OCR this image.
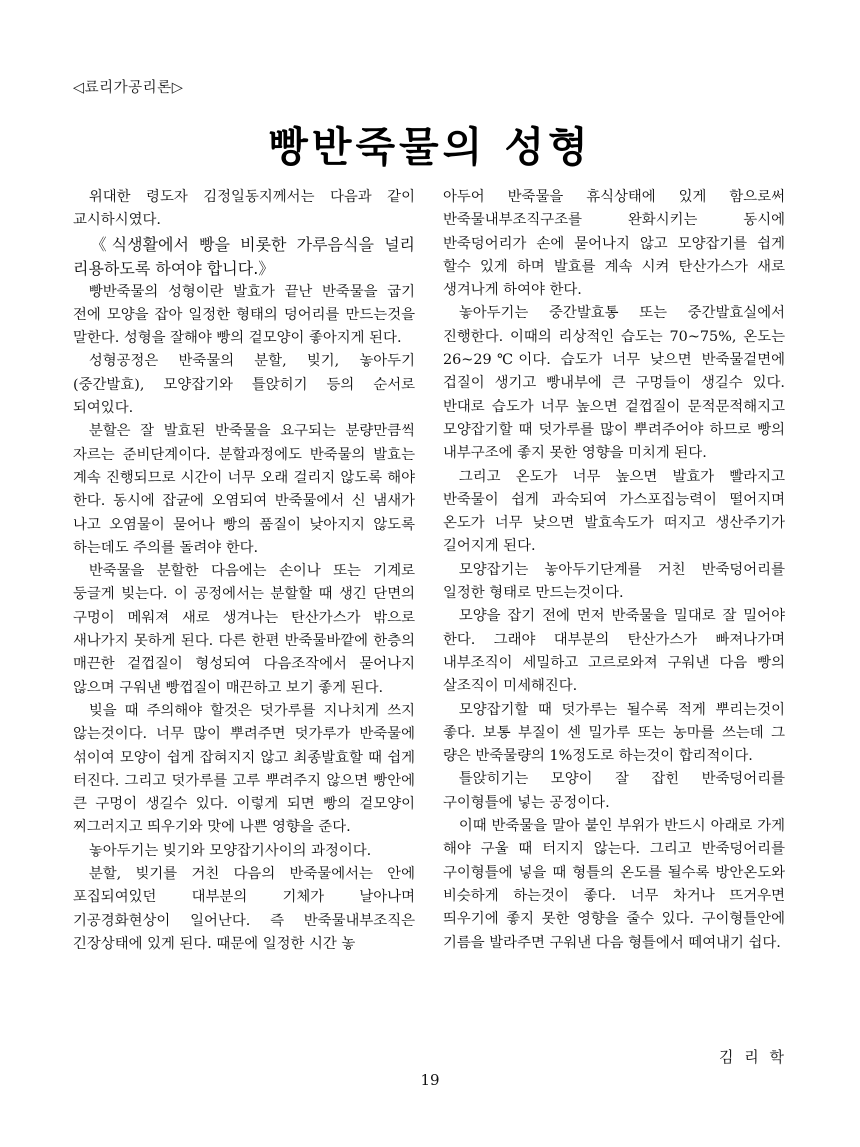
◁료리가공리론▷
빵반죽물의 성형

위대한 령도자 김정일동지께서는 다음과 같이 교시하시였다.

《식생활에서 빵을 비롯한 가루음식을 널리 리용하도록 하여야 합니다.》

빵반죽물의 성형이란 발효가 끝난 반죽물을 굽기 전에 모양을 잡아 일정한 형태의 덩어리를 만드는것을 말한다. 성형을 잘해야 빵의 겉모양이 좋아지게 된다.

성형공정은 반죽물의 분할, 빚기, 놓아두기(중간발효), 모양잡기와 틀앉히기 등의 순서로 되여있다.

분할은 잘 발효된 반죽물을 요구되는 분량만큼씩 자르는 준비단계이다. 분할과정에도 반죽물의 발효는 계속 진행되므로 시간이 너무 오래 걸리지 않도록 해야 한다. 동시에 잡균에 오염되여 반죽물에서 신 냄새가 나고 오염물이 묻어나 빵의 품질이 낮아지지 않도록 하는데도 주의를 돌려야 한다.

반죽물을 분할한 다음에는 손이나 또는 기계로 둥글게 빚는다. 이 공정에서는 분할할 때 생긴 단면의 구멍이 메워져 새로 생겨나는 탄산가스가 밖으로 새나가지 못하게 된다. 다른 한편 반죽물바깥에 한층의 매끈한 겉껍질이 형성되여 다음조작에서 묻어나지 않으며 구워낸 빵껍질이 매끈하고 보기 좋게 된다.

빚을 때 주의해야 할것은 덧가루를 지나치게 쓰지 않는것이다. 너무 많이 뿌려주면 덧가루가 반죽물에 섞이여 모양이 쉽게 잡혀지지 않고 최종발효할 때 쉽게 터진다. 그리고 덧가루를 고루 뿌려주지 않으면 빵안에 큰 구멍이 생길수 있다. 이렇게 되면 빵의 겉모양이 찌그러지고 띄우기와 맛에 나쁜 영향을 준다.

놓아두기는 빚기와 모양잡기사이의 과정이다.

분할, 빚기를 거친 다음의 반죽물에서는 안에 포집되여있던 대부분의 기체가 날아나며 기공경화현상이 일어난다. 즉 반죽물내부조직은 긴장상태에 있게 된다. 때문에 일정한 시간 놓

아두어 반죽물을 휴식상태에 있게 함으로써 반죽물내부조직구조를 완화시키는 동시에 반죽덩어리가 손에 묻어나지 않고 모양잡기를 쉽게 할수 있게 하며 발효를 계속 시켜 탄산가스가 새로 생겨나게 하여야 한다.

놓아두기는 중간발효통 또는 중간발효실에서 진행한다. 이때의 리상적인 습도는 70~75%, 온도는 26~29℃이다. 습도가 너무 낮으면 반죽물겉면에 겁질이 생기고 빵내부에 큰 구멍들이 생길수 있다. 반대로 습도가 너무 높으면 겉껍질이 문적문적해지고 모양잡기할 때 덧가루를 많이 뿌려주어야 하므로 빵의 내부구조에 좋지 못한 영향을 미치게 된다.

그리고 온도가 너무 높으면 발효가 빨라지고 반죽물이 쉽게 과숙되여 가스포집능력이 떨어지며 온도가 너무 낮으면 발효속도가 떠지고 생산주기가 길어지게 된다.

모양잡기는 놓아두기단계를 거친 반죽덩어리를 일정한 형태로 만드는것이다.

모양을 잡기 전에 먼저 반죽물을 밀대로 잘 밀어야 한다. 그래야 대부분의 탄산가스가 빠져나가며 내부조직이 세밀하고 고르로와져 구워낸 다음 빵의 살조직이 미세해진다.

모양잡기할 때 덧가루는 될수록 적게 뿌리는것이 좋다. 보통 부질이 센 밀가루 또는 농마를 쓰는데 그 량은 반죽물량의 1%정도로 하는것이 합리적이다.

틀앉히기는 모양이 잘 잡힌 반죽덩어리를 구이형틀에 넣는 공정이다.

이때 반죽물을 말아 붙인 부위가 반드시 아래로 가게 해야 구울 때 터지지 않는다. 그리고 반죽덩어리를 구이형틀에 넣을 때 형틀의 온도를 될수록 방안온도와 비슷하게 하는것이 좋다. 너무 차거나 뜨거우면 띄우기에 좋지 못한 영향을 줄수 있다. 구이형틀안에 기름을 발라주면 구워낸 다음 형틀에서 떼여내기 쉽다.

김 리 학
19
